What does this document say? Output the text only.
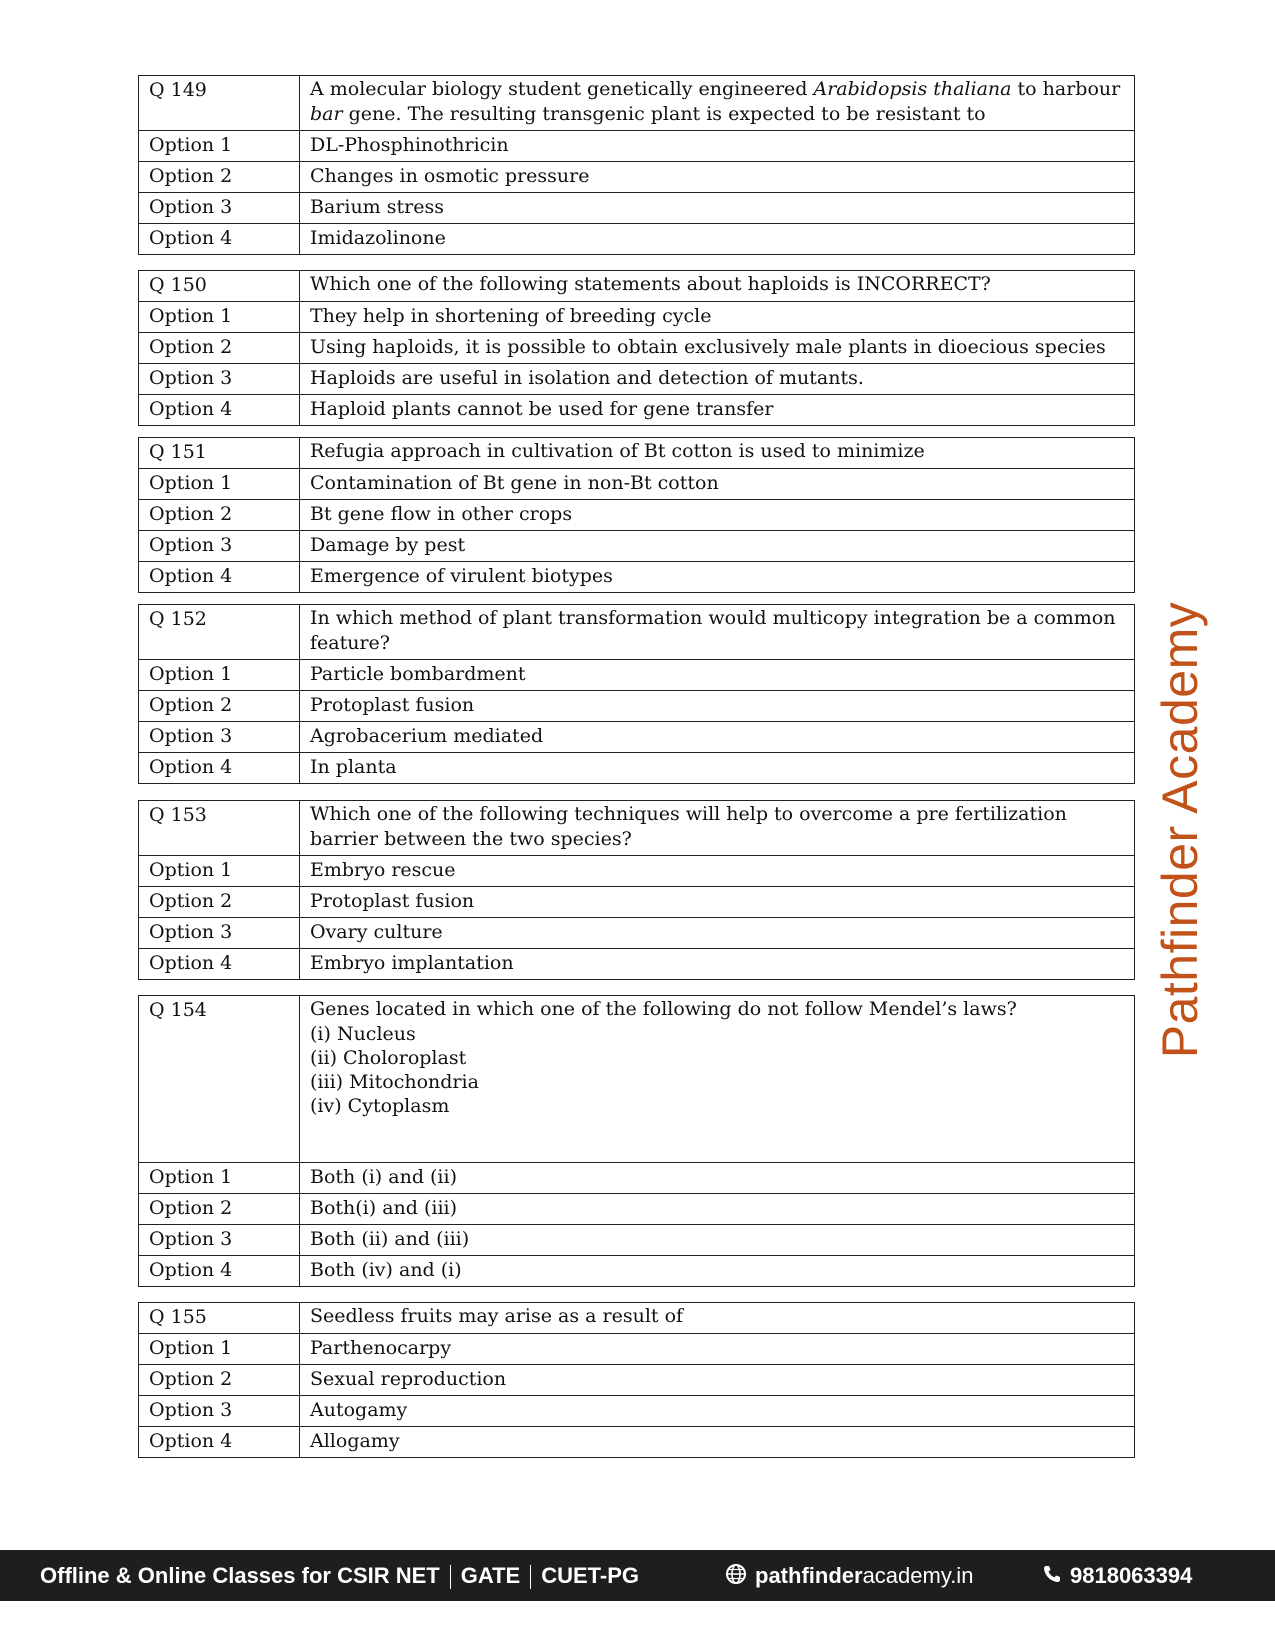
Q 149	A molecular biology student genetically engineered Arabidopsis thaliana to harbour
bar gene. The resulting transgenic plant is expected to be resistant to
Option 1	DL-Phosphinothricin
Option 2	Changes in osmotic pressure
Option 3	Barium stress
Option 4	Imidazolinone
Q 150	Which one of the following statements about haploids is INCORRECT?
Option 1	They help in shortening of breeding cycle
Option 2	Using haploids, it is possible to obtain exclusively male plants in dioecious species
Option 3	Haploids are useful in isolation and detection of mutants.
Option 4	Haploid plants cannot be used for gene transfer
Q 151	Refugia approach in cultivation of Bt cotton is used to minimize
Option 1	Contamination of Bt gene in non-Bt cotton
Option 2	Bt gene flow in other crops
Option 3	Damage by pest
Option 4	Emergence of virulent biotypes
Q 152	In which method of plant transformation would multicopy integration be a common feature?
Option 1	Particle bombardment
Option 2	Protoplast fusion
Option 3	Agrobacerium mediated
Option 4	In planta
Q 153	Which one of the following techniques will help to overcome a pre fertilization barrier between the two species?
Option 1	Embryo rescue
Option 2	Protoplast fusion
Option 3	Ovary culture
Option 4	Embryo implantation
Q 154	Genes located in which one of the following do not follow Mendel’s laws?
(i) Nucleus
(ii) Choloroplast
(iii) Mitochondria
(iv) Cytoplasm

Option 1	Both (i) and (ii)
Option 2	Both(i) and (iii)
Option 3	Both (ii) and (iii)
Option 4	Both (iv) and (i)
Q 155	Seedless fruits may arise as a result of
Option 1	Parthenocarpy
Option 2	Sexual reproduction
Option 3	Autogamy
Option 4	Allogamy
Pathfinder Academy
Offline & Online Classes for CSIR NET GATE CUET-PG	pathfinderacademy.in	9818063394
